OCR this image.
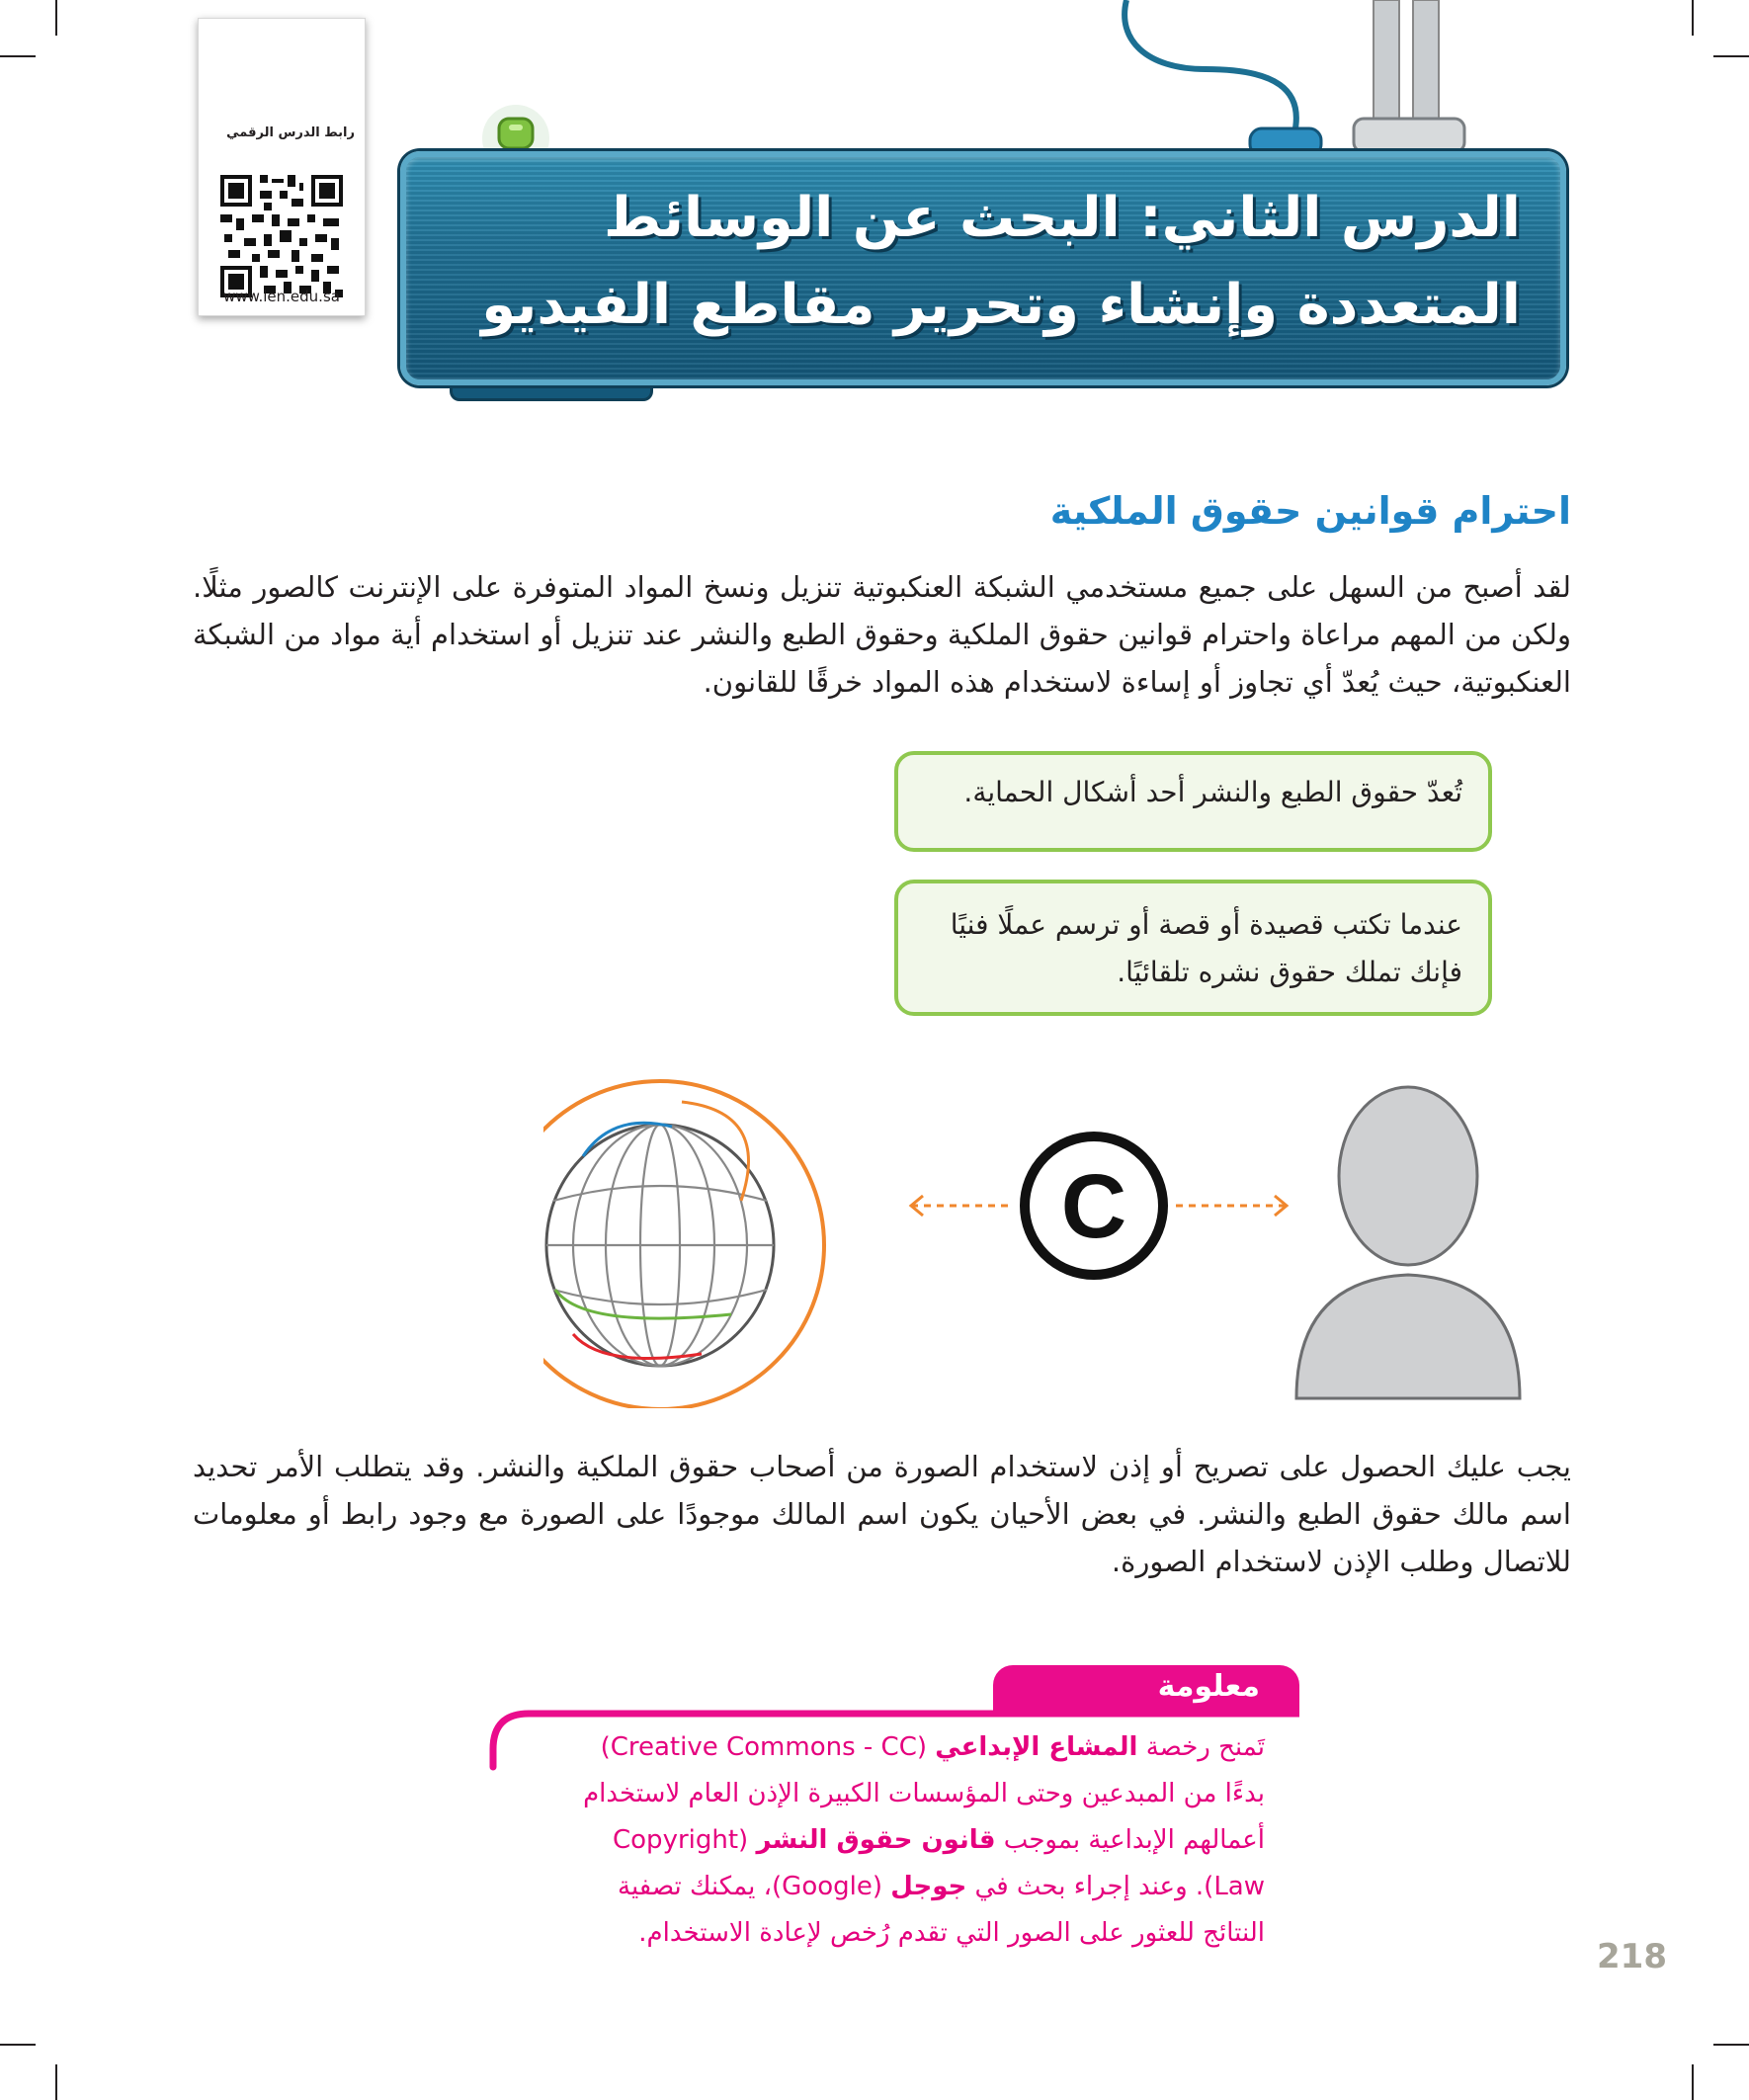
رابط الدرس الرقمي
www.ien.edu.sa
الدرس الثاني: البحث عن الوسائط
المتعددة وإنشاء وتحرير مقاطع الفيديو
احترام قوانين حقوق الملكية
لقد أصبح من السهل على جميع مستخدمي الشبكة العنكبوتية تنزيل ونسخ المواد المتوفرة على الإنترنت كالصور مثلًا. ولكن من المهم مراعاة واحترام قوانين حقوق الملكية وحقوق الطبع والنشر عند تنزيل أو استخدام أية مواد من الشبكة العنكبوتية، حيث يُعدّ أي تجاوز أو إساءة لاستخدام هذه المواد خرقًا للقانون.
تُعدّ حقوق الطبع والنشر أحد أشكال الحماية.
عندما تكتب قصيدة أو قصة أو ترسم عملًا فنيًا فإنك تملك حقوق نشره تلقائيًا.
C
يجب عليك الحصول على تصريح أو إذن لاستخدام الصورة من أصحاب حقوق الملكية والنشر. وقد يتطلب الأمر تحديد اسم مالك حقوق الطبع والنشر. في بعض الأحيان يكون اسم المالك موجودًا على الصورة مع وجود رابط أو معلومات للاتصال وطلب الإذن لاستخدام الصورة.
معلومة
تَمنح رخصة المشاع الإبداعي (Creative Commons - CC) بدءًا من المبدعين وحتى المؤسسات الكبيرة الإذن العام لاستخدام أعمالهم الإبداعية بموجب قانون حقوق النشر (Copyright Law). وعند إجراء بحث في جوجل (Google)، يمكنك تصفية النتائج للعثور على الصور التي تقدم رُخص لإعادة الاستخدام.
218
